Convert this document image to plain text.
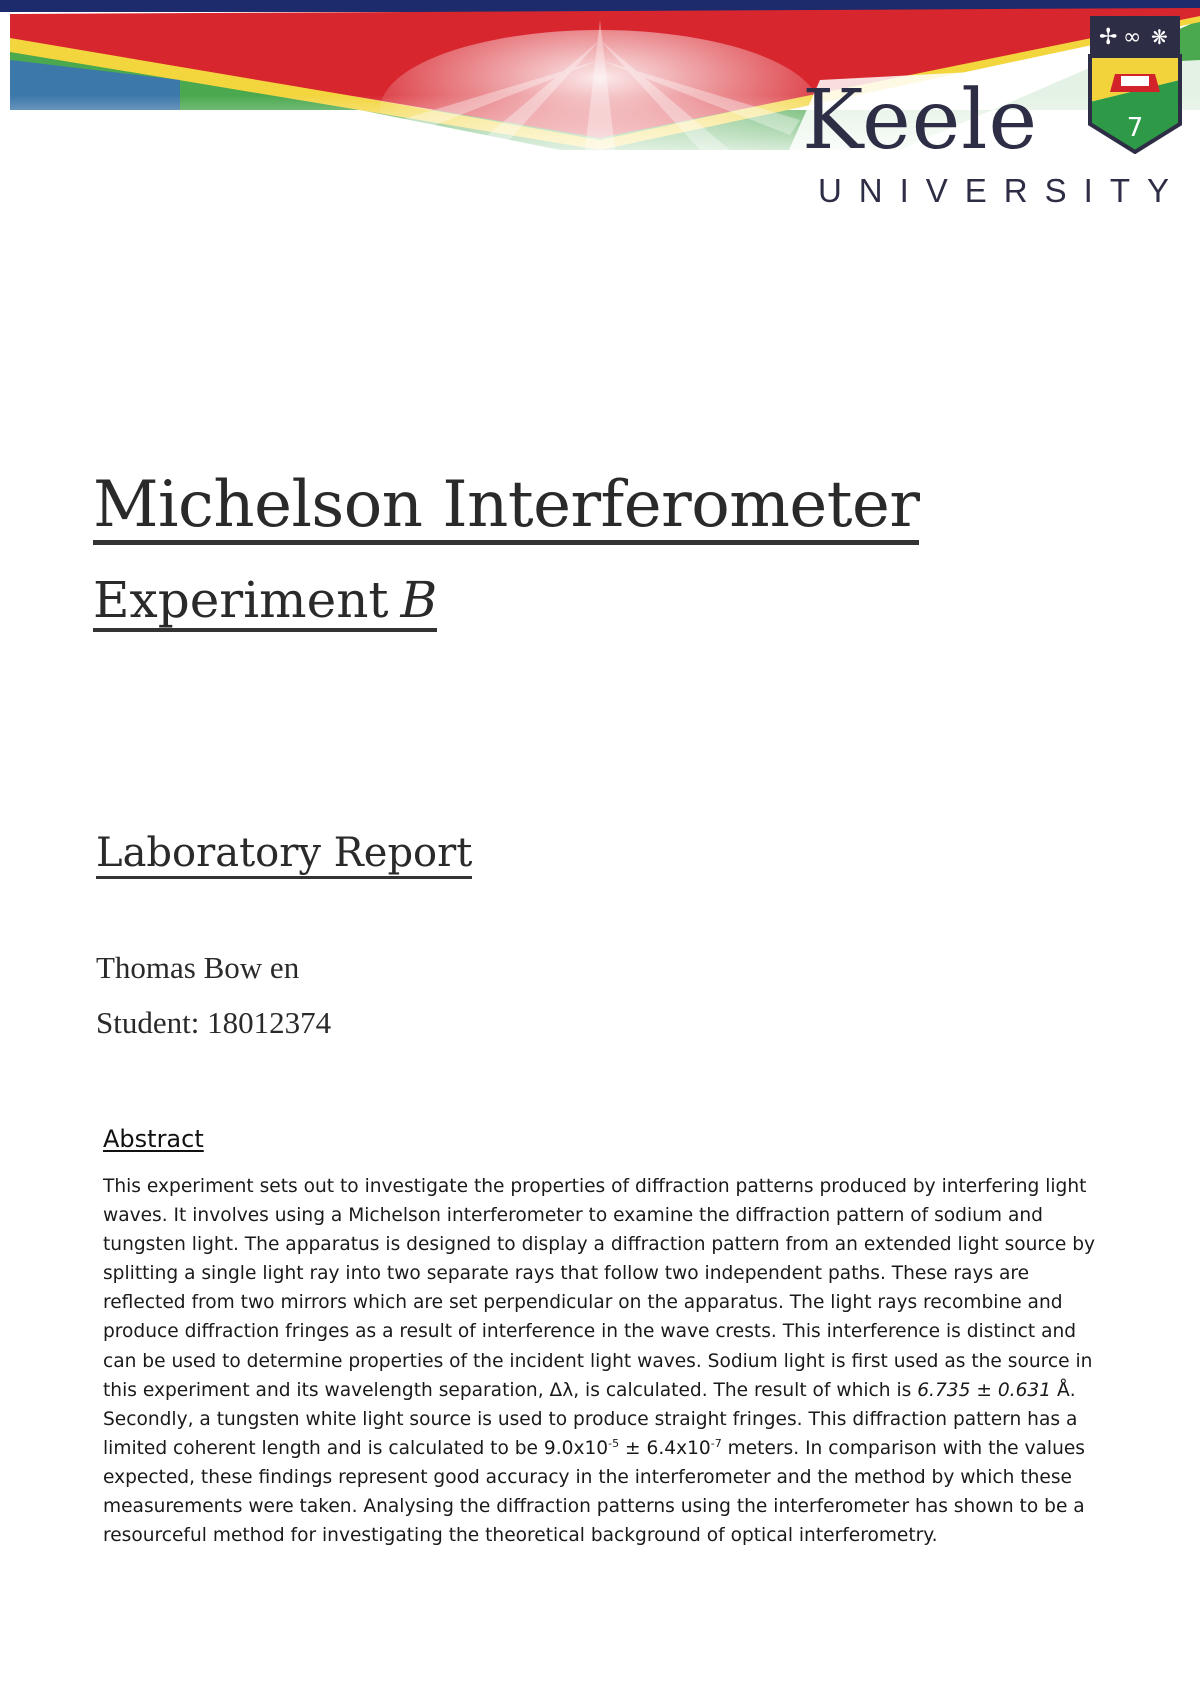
✢ ∞ ❋
7
Keele
UNIVERSITY
Michelson Interferometer
Experiment B
Laboratory Report
Thomas Bow en
Student: 18012374
Abstract

This experiment sets out to investigate the properties of diffraction patterns produced by interfering light waves. It involves using a Michelson interferometer to examine the diffraction pattern of sodium and tungsten light. The apparatus is designed to display a diffraction pattern from an extended light source by splitting a single light ray into two separate rays that follow two independent paths. These rays are reflected from two mirrors which are set perpendicular on the apparatus. The light rays recombine and produce diffraction fringes as a result of interference in the wave crests. This interference is distinct and can be used to determine properties of the incident light waves. Sodium light is first used as the source in this experiment and its wavelength separation, Δλ, is calculated. The result of which is 6.735 ± 0.631 Å. Secondly, a tungsten white light source is used to produce straight fringes. This diffraction pattern has a limited coherent length and is calculated to be $9.0x10^{-5} \pm 6.4x10^{-7}$ meters. In comparison with the values expected, these findings represent good accuracy in the interferometer and the method by which these measurements were taken. Analysing the diffraction patterns using the interferometer has shown to be a resourceful method for investigating the theoretical background of optical interferometry.
